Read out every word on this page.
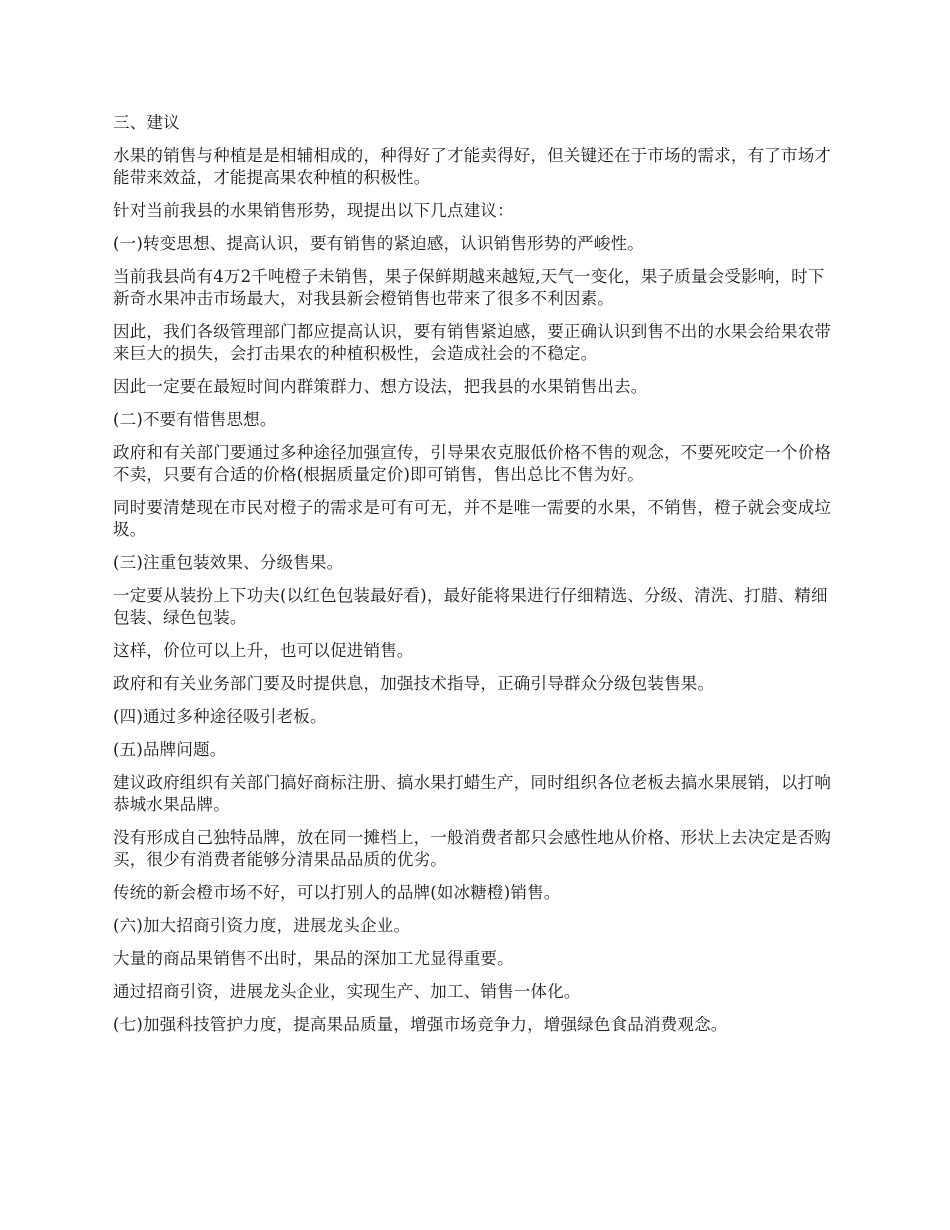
三、建议

水果的销售与种植是是相辅相成的，种得好了才能卖得好，但关键还在于市场的需求，有了市场才能带来效益，才能提高果农种植的积极性。

针对当前我县的水果销售形势，现提出以下几点建议：

(一)转变思想、提高认识，要有销售的紧迫感，认识销售形势的严峻性。

当前我县尚有4万2千吨橙子未销售，果子保鲜期越来越短,天气一变化，果子质量会受影响，时下新奇水果冲击市场最大，对我县新会橙销售也带来了很多不利因素。

因此，我们各级管理部门都应提高认识，要有销售紧迫感，要正确认识到售不出的水果会给果农带来巨大的损失，会打击果农的种植积极性，会造成社会的不稳定。

因此一定要在最短时间内群策群力、想方设法，把我县的水果销售出去。

(二)不要有惜售思想。

政府和有关部门要通过多种途径加强宣传，引导果农克服低价格不售的观念，不要死咬定一个价格不卖，只要有合适的价格(根据质量定价)即可销售，售出总比不售为好。

同时要清楚现在市民对橙子的需求是可有可无，并不是唯一需要的水果，不销售，橙子就会变成垃圾。

(三)注重包装效果、分级售果。

一定要从装扮上下功夫(以红色包装最好看)，最好能将果进行仔细精选、分级、清洗、打腊、精细包装、绿色包装。

这样，价位可以上升，也可以促进销售。

政府和有关业务部门要及时提供息，加强技术指导，正确引导群众分级包装售果。

(四)通过多种途径吸引老板。

(五)品牌问题。

建议政府组织有关部门搞好商标注册、搞水果打蜡生产，同时组织各位老板去搞水果展销，以打响恭城水果品牌。

没有形成自己独特品牌，放在同一摊档上，一般消费者都只会感性地从价格、形状上去决定是否购买，很少有消费者能够分清果品品质的优劣。

传统的新会橙市场不好，可以打别人的品牌(如冰糖橙)销售。

(六)加大招商引资力度，进展龙头企业。

大量的商品果销售不出时，果品的深加工尤显得重要。

通过招商引资，进展龙头企业，实现生产、加工、销售一体化。

(七)加强科技管护力度，提高果品质量，增强市场竞争力，增强绿色食品消费观念。
